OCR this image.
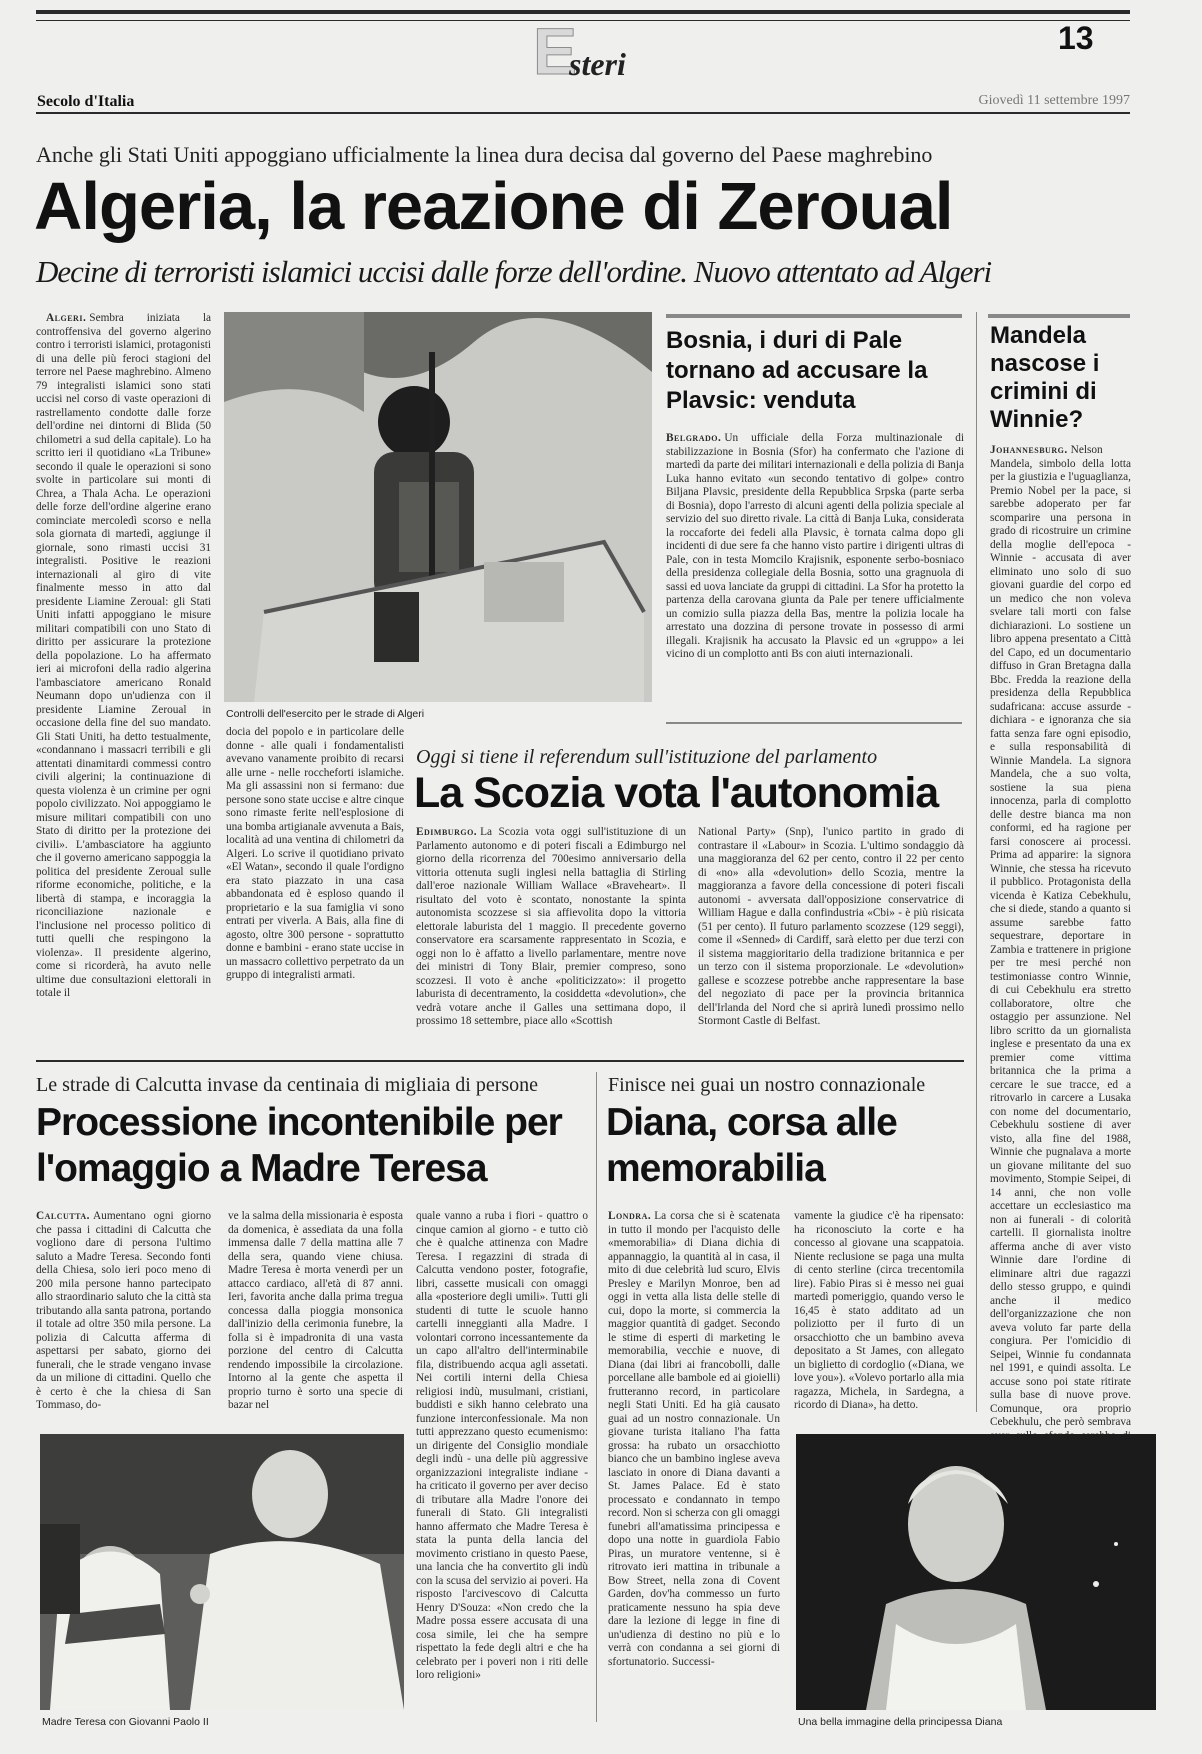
E
steri
13
Secolo d'Italia	Giovedì 11 settembre 1997
Anche gli Stati Uniti appoggiano ufficialmente la linea dura decisa dal governo del Paese maghrebino
Algeria, la reazione di Zeroual
Decine di terroristi islamici uccisi dalle forze dell'ordine. Nuovo attentato ad Algeri

Algeri. Sembra iniziata la controffensiva del governo algerino contro i terroristi islamici, protagonisti di una delle più feroci stagioni del terrore nel Paese maghrebino. Almeno 79 integralisti islamici sono stati uccisi nel corso di vaste operazioni di rastrellamento condotte dalle forze dell'ordine nei dintorni di Blida (50 chilometri a sud della capitale). Lo ha scritto ieri il quotidiano «La Tribune» secondo il quale le operazioni si sono svolte in particolare sui monti di Chrea, a Thala Acha. Le operazioni delle forze dell'ordine algerine erano cominciate mercoledì scorso e nella sola giornata di martedì, aggiunge il giornale, sono rimasti uccisi 31 integralisti. Positive le reazioni internazionali al giro di vite finalmente messo in atto dal presidente Liamine Zeroual: gli Stati Uniti infatti appoggiano le misure militari compatibili con uno Stato di diritto per assicurare la protezione della popolazione. Lo ha affermato ieri ai microfoni della radio algerina l'ambasciatore americano Ronald Neumann dopo un'udienza con il presidente Liamine Zeroual in occasione della fine del suo mandato. Gli Stati Uniti, ha detto testualmente, «condannano i massacri terribili e gli attentati dinamitardi commessi contro civili algerini; la continuazione di questa violenza è un crimine per ogni popolo civilizzato. Noi appoggiamo le misure militari compatibili con uno Stato di diritto per la protezione dei civili». L'ambasciatore ha aggiunto che il governo americano sappoggia la politica del presidente Zeroual sulle riforme economiche, politiche, e la libertà di stampa, e incoraggia la riconciliazione nazionale e l'inclusione nel processo politico di tutti quelli che respingono la violenza». Il presidente algerino, come si ricorderà, ha avuto nelle ultime due consultazioni elettorali in totale il

Controlli dell'esercito per le strade di Algeri

docia del popolo e in particolare delle donne - alle quali i fondamentalisti avevano vanamente proibito di recarsi alle urne - nelle roccheforti islamiche. Ma gli assassini non si fermano: due persone sono state uccise e altre cinque sono rimaste ferite nell'esplosione di una bomba artigianale avvenuta a Bais, località ad una ventina di chilometri da Algeri. Lo scrive il quotidiano privato «El Watan», secondo il quale l'ordigno era stato piazzato in una casa abbandonata ed è esploso quando il proprietario e la sua famiglia vi sono entrati per viverla. A Bais, alla fine di agosto, oltre 300 persone - soprattutto donne e bambini - erano state uccise in un massacro collettivo perpetrato da un gruppo di integralisti armati.

Bosnia, i duri di Pale tornano ad accusare la Plavsic: venduta

Belgrado. Un ufficiale della Forza multinazionale di stabilizzazione in Bosnia (Sfor) ha confermato che l'azione di martedì da parte dei militari internazionali e della polizia di Banja Luka hanno evitato «un secondo tentativo di golpe» contro Biljana Plavsic, presidente della Repubblica Srpska (parte serba di Bosnia), dopo l'arresto di alcuni agenti della polizia speciale al servizio del suo diretto rivale. La città di Banja Luka, considerata la roccaforte dei fedeli alla Plavsic, è tornata calma dopo gli incidenti di due sere fa che hanno visto partire i dirigenti ultras di Pale, con in testa Momcilo Krajisnik, esponente serbo-bosniaco della presidenza collegiale della Bosnia, sotto una gragnuola di sassi ed uova lanciate da gruppi di cittadini. La Sfor ha protetto la partenza della carovana giunta da Pale per tenere ufficialmente un comizio sulla piazza della Bas, mentre la polizia locale ha arrestato una dozzina di persone trovate in possesso di armi illegali. Krajisnik ha accusato la Plavsic ed un «gruppo» a lei vicino di un complotto anti Bs con aiuti internazionali.

Mandela nascose i crimini di Winnie?

Johannesburg. Nelson Mandela, simbolo della lotta per la giustizia e l'uguaglianza, Premio Nobel per la pace, si sarebbe adoperato per far scomparire una persona in grado di ricostruire un crimine della moglie dell'epoca - Winnie - accusata di aver eliminato uno solo di suo giovani guardie del corpo ed un medico che non voleva svelare tali morti con false dichiarazioni. Lo sostiene un libro appena presentato a Città del Capo, ed un documentario diffuso in Gran Bretagna dalla Bbc. Fredda la reazione della presidenza della Repubblica sudafricana: accuse assurde - dichiara - e ignoranza che sia fatta senza fare ogni episodio, e sulla responsabilità di Winnie Mandela. La signora Mandela, che a suo volta, sostiene la sua piena innocenza, parla di complotto delle destre bianca ma non conformi, ed ha ragione per farsi conoscere ai processi. Prima ad apparire: la signora Winnie, che stessa ha ricevuto il pubblico. Protagonista della vicenda è Katiza Cebekhulu, che si diede, stando a quanto si assume sarebbe fatto sequestrare, deportare in Zambia e trattenere in prigione per tre mesi perché non testimoniasse contro Winnie, di cui Cebekhulu era stretto collaboratore, oltre che ostaggio per assunzione. Nel libro scritto da un giornalista inglese e presentato da una ex premier come vittima britannica che la prima a cercare le sue tracce, ed a ritrovarlo in carcere a Lusaka con nome del documentario, Cebekhulu sostiene di aver visto, alla fine del 1988, Winnie che pugnalava a morte un giovane militante del suo movimento, Stompie Seipei, di 14 anni, che non volle accettare un ecclesiastico ma non ai funerali - di colorità cartelli. Il giornalista inoltre afferma anche di aver visto Winnie dare l'ordine di eliminare altri due ragazzi dello stesso gruppo, e quindi anche il medico dell'organizzazione che non aveva voluto far parte della congiura. Per l'omicidio di Seipei, Winnie fu condannata nel 1991, e quindi assolta. Le accuse sono poi state ritirate sulla base di nuove prove. Comunque, ora proprio Cebekhulu, che però sembrava

Oggi si tiene il referendum sull'istituzione del parlamento
La Scozia vota l'autonomia

Edimburgo. La Scozia vota oggi sull'istituzione di un Parlamento autonomo e di poteri fiscali a Edimburgo nel giorno della ricorrenza del 700esimo anniversario della vittoria ottenuta sugli inglesi nella battaglia di Stirling dall'eroe nazionale William Wallace «Braveheart». Il risultato del voto è scontato, nonostante la spinta autonomista scozzese si sia affievolita dopo la vittoria elettorale laburista del 1 maggio. Il precedente governo conservatore era scarsamente rappresentato in Scozia, e oggi non lo è affatto a livello parlamentare, mentre nove dei ministri di Tony Blair, premier compreso, sono scozzesi. Il voto è anche «politicizzato»: il progetto laburista di decentramento, la cosiddetta «devolution», che vedrà votare anche il Galles una settimana dopo, il prossimo 18 settembre, piace allo «Scottish

National Party» (Snp), l'unico partito in grado di contrastare il «Labour» in Scozia. L'ultimo sondaggio dà una maggioranza del 62 per cento, contro il 22 per cento di «no» alla «devolution» dello Scozia, mentre la maggioranza a favore della concessione di poteri fiscali autonomi - avversata dall'opposizione conservatrice di William Hague e dalla confindustria «Cbi» - è più risicata (51 per cento). Il futuro parlamento scozzese (129 seggi), come il «Senned» di Cardiff, sarà eletto per due terzi con il sistema maggioritario della tradizione britannica e per un terzo con il sistema proporzionale. Le «devolution» gallese e scozzese potrebbe anche rappresentare la base del negoziato di pace per la provincia britannica dell'Irlanda del Nord che si aprirà lunedì prossimo nello Stormont Castle di Belfast.

Le strade di Calcutta invase da centinaia di migliaia di persone
Processione incontenibile per l'omaggio a Madre Teresa

Calcutta. Aumentano ogni giorno che passa i cittadini di Calcutta che vogliono dare di persona l'ultimo saluto a Madre Teresa. Secondo fonti della Chiesa, solo ieri poco meno di 200 mila persone hanno partecipato allo straordinario saluto che la città sta tributando alla santa patrona, portando il totale ad oltre 350 mila persone. La polizia di Calcutta afferma di aspettarsi per sabato, giorno dei funerali, che le strade vengano invase da un milione di cittadini. Quello che è certo è che la chiesa di San Tommaso, do-

ve la salma della missionaria è esposta da domenica, è assediata da una folla immensa dalle 7 della mattina alle 7 della sera, quando viene chiusa. Madre Teresa è morta venerdì per un attacco cardiaco, all'età di 87 anni. Ieri, favorita anche dalla prima tregua concessa dalla pioggia monsonica dall'inizio della cerimonia funebre, la folla si è impadronita di una vasta porzione del centro di Calcutta rendendo impossibile la circolazione. Intorno al la gente che aspetta il proprio turno è sorto una specie di bazar nel

quale vanno a ruba i fiori - quattro o cinque camion al giorno - e tutto ciò che è qualche attinenza con Madre Teresa. I regazzini di strada di Calcutta vendono poster, fotografie, libri, cassette musicali con omaggi alla «posteriore degli umili». Tutti gli studenti di tutte le scuole hanno cartelli inneggianti alla Madre. I volontari corrono incessantemente da un capo all'altro dell'interminabile fila, distribuendo acqua agli assetati. Nei cortili interni della Chiesa religiosi indù, musulmani, cristiani, buddisti e sikh hanno celebrato una funzione interconfessionale. Ma non tutti apprezzano questo ecumenismo: un dirigente del Consiglio mondiale degli indù - una delle più aggressive organizzazioni integraliste indiane - ha criticato il governo per aver deciso di tributare alla Madre l'onore dei funerali di Stato. Gli integralisti hanno affermato che Madre Teresa è stata la punta della lancia del movimento cristiano in questo Paese, una lancia che ha convertito gli indù con la scusa del servizio ai poveri. Ha risposto l'arcivescovo di Calcutta Henry D'Souza: «Non credo che la Madre possa essere accusata di una cosa simile, lei che ha sempre rispettato la fede degli altri e che ha celebrato per i poveri non i riti delle loro religioni»

Madre Teresa con Giovanni Paolo II
Finisce nei guai un nostro connazionale
Diana, corsa alle memorabilia

Londra. La corsa che si è scatenata in tutto il mondo per l'acquisto delle «memorabilia» di Diana dichia di appannaggio, la quantità al in casa, il mito di due celebrità lud scuro, Elvis Presley e Marilyn Monroe, ben ad oggi in vetta alla lista delle stelle di cui, dopo la morte, si commercia la maggior quantità di gadget. Secondo le stime di esperti di marketing le memorabilia, vecchie e nuove, di Diana (dai libri ai francobolli, dalle porcellane alle bambole ed ai gioielli) frutteranno record, in particolare negli Stati Uniti. Ed ha già causato guai ad un nostro connazionale. Un giovane turista italiano l'ha fatta grossa: ha rubato un orsacchiotto bianco che un bambino inglese aveva lasciato in onore di Diana davanti a St. James Palace. Ed è stato processato e condannato in tempo record. Non si scherza con gli omaggi funebri all'amatissima principessa e dopo una notte in guardiola Fabio Piras, un muratore ventenne, si è ritrovato ieri mattina in tribunale a Bow Street, nella zona di Covent Garden, dov'ha commesso un furto praticamente nessuno ha spia deve dare la lezione di legge in fine di un'udienza di destino no più e lo verrà con condanna a sei giorni di sfortunatorio. Successi-

vamente la giudice c'è ha ripensato: ha riconosciuto la corte e ha concesso al giovane una scappatoia. Niente reclusione se paga una multa di cento sterline (circa trecentomila lire). Fabio Piras si è messo nei guai martedì pomeriggio, quando verso le 16,45 è stato additato ad un poliziotto per il furto di un orsacchiotto che un bambino aveva depositato a St James, con allegato un biglietto di cordoglio («Diana, we love you»). «Volevo portarlo alla mia ragazza, Michela, in Sardegna, a ricordo di Diana», ha detto.

Una bella immagine della principessa Diana
